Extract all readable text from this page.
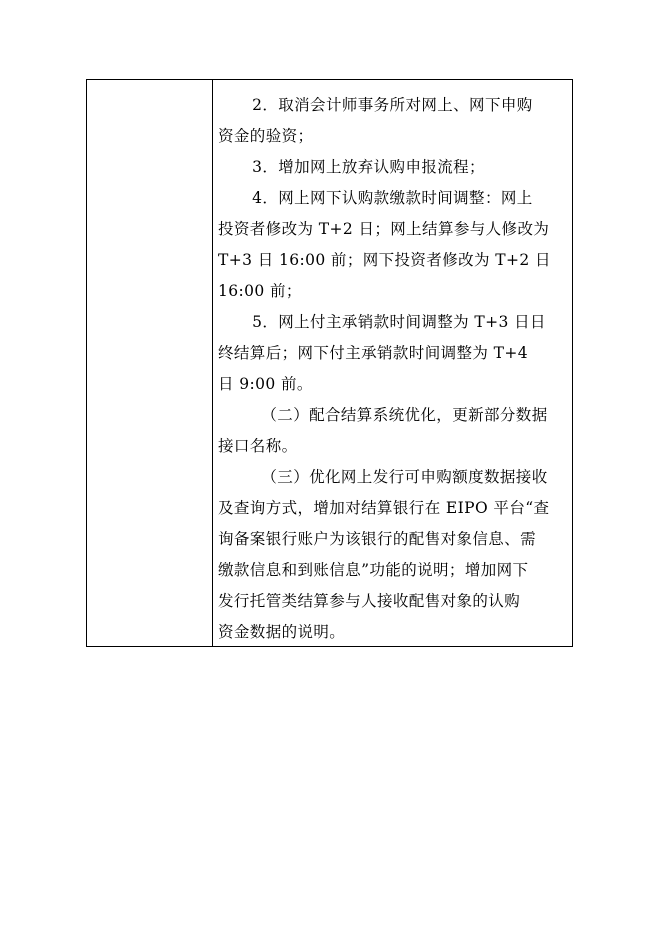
2．取消会计师事务所对网上、网下申购
资金的验资；

3．增加网上放弃认购申报流程；

4．网上网下认购款缴款时间调整：网上
投资者修改为 T+2 日；网上结算参与人修改为
T+3 日 16:00 前；网下投资者修改为 T+2 日
16:00 前；

5．网上付主承销款时间调整为 T+3 日日
终结算后；网下付主承销款时间调整为 T+4
日 9:00 前。

（二）配合结算系统优化，更新部分数据
接口名称。

（三）优化网上发行可申购额度数据接收
及查询方式，增加对结算银行在 EIPO 平台“查
询备案银行账户为该银行的配售对象信息、需
缴款信息和到账信息”功能的说明；增加网下
发行托管类结算参与人接收配售对象的认购
资金数据的说明。
